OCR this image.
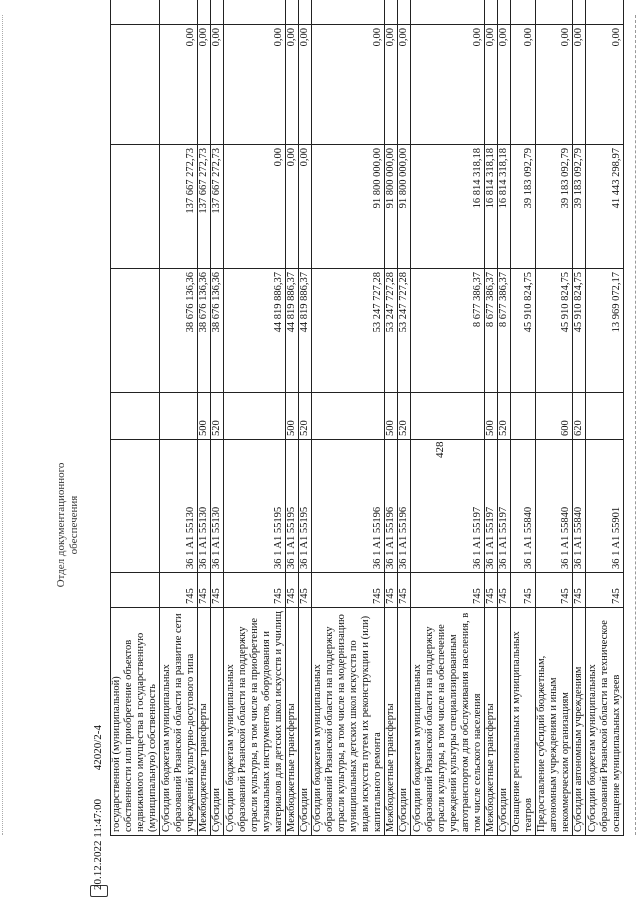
428
20.12.2022 11:47:00 42020/2-4
Отдел документационного обеспечения
государственной (муниципальной) собственности или приобретение объектов недвижимого имущества в государственную (муниципальную) собственность							
Субсидии бюджетам муниципальных образований Рязанской области на развитие сети учреждений культурно-досугового типа	745	36 1 A1 55130		38 676 136,36	137 667 272,73	0,00	
Межбюджетные трансферты	745	36 1 A1 55130	500	38 676 136,36	137 667 272,73	0,00	
Субсидии	745	36 1 A1 55130	520	38 676 136,36	137 667 272,73	0,00	
Субсидии бюджетам муниципальных образований Рязанской области на поддержку отрасли культуры, в том числе на приобретение музыкальных инструментов, оборудования и материалов для детских школ искусств и училищ	745	36 1 A1 55195		44 819 886,37	0,00	0,00	
Межбюджетные трансферты	745	36 1 A1 55195	500	44 819 886,37	0,00	0,00	
Субсидии	745	36 1 A1 55195	520	44 819 886,37	0,00	0,00	
Субсидии бюджетам муниципальных образований Рязанской области на поддержку отрасли культуры, в том числе на модернизацию муниципальных детских школ искусств по видам искусств путем их реконструкции и (или) капитального ремонта	745	36 1 A1 55196		53 247 727,28	91 800 000,00	0,00	
Межбюджетные трансферты	745	36 1 A1 55196	500	53 247 727,28	91 800 000,00	0,00	
Субсидии	745	36 1 A1 55196	520	53 247 727,28	91 800 000,00	0,00	
Субсидии бюджетам муниципальных образований Рязанской области на поддержку отрасли культуры, в том числе на обеспечение учреждений культуры специализированным автотранспортом для обслуживания населения, в том числе сельского населения	745	36 1 A1 55197		8 677 386,37	16 814 318,18	0,00	
Межбюджетные трансферты	745	36 1 A1 55197	500	8 677 386,37	16 814 318,18	0,00	
Субсидии	745	36 1 A1 55197	520	8 677 386,37	16 814 318,18	0,00	
Оснащение региональных и муниципальных театров	745	36 1 A1 55840		45 910 824,75	39 183 092,79	0,00	
Предоставление субсидий бюджетным, автономным учреждениям и иным некоммерческим организациям	745	36 1 A1 55840	600	45 910 824,75	39 183 092,79	0,00	
Субсидии автономным учреждениям	745	36 1 A1 55840	620	45 910 824,75	39 183 092,79	0,00	
Субсидии бюджетам муниципальных образований Рязанской области на техническое оснащение муниципальных музеев	745	36 1 A1 55901		13 969 072,17	41 443 298,97	0,00	
